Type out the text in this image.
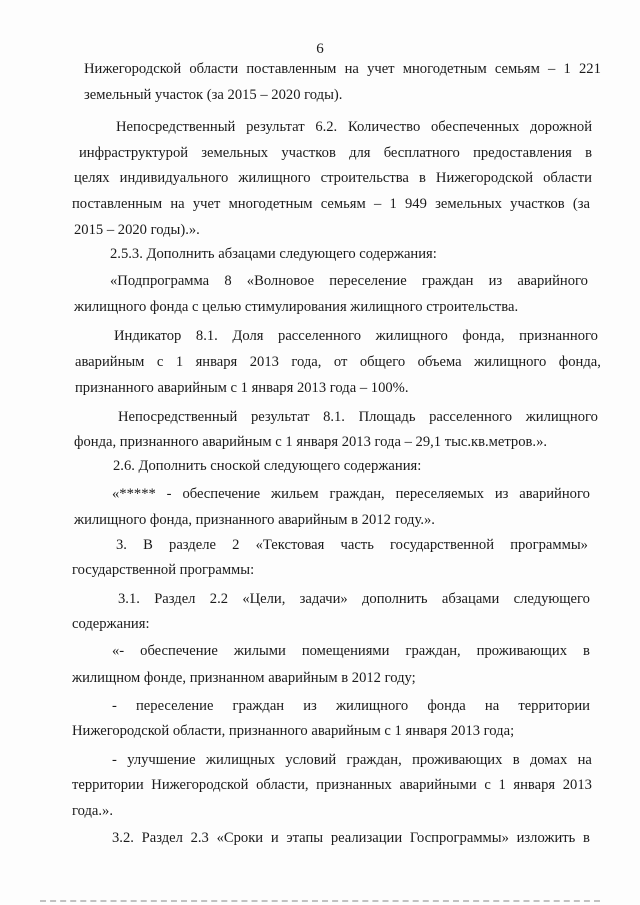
6
Нижегородской области поставленным на учет многодетным семьям – 1 221
земельный участок (за 2015 – 2020 годы).
Непосредственный результат 6.2. Количество обеспеченных дорожной
инфраструктурой земельных участков для бесплатного предоставления в
целях индивидуального жилищного строительства в Нижегородской области
поставленным на учет многодетным семьям – 1 949 земельных участков (за
2015 – 2020 годы).».
2.5.3. Дополнить абзацами следующего содержания:
«Подпрограмма 8 «Волновое переселение граждан из аварийного
жилищного фонда с целью стимулирования жилищного строительства.
Индикатор 8.1. Доля расселенного жилищного фонда, признанного
аварийным с 1 января 2013 года, от общего объема жилищного фонда,
признанного аварийным с 1 января 2013 года – 100%.
Непосредственный результат 8.1. Площадь расселенного жилищного
фонда, признанного аварийным с 1 января 2013 года – 29,1 тыс.кв.метров.».
2.6. Дополнить сноской следующего содержания:
«***** - обеспечение жильем граждан, переселяемых из аварийного
жилищного фонда, признанного аварийным в 2012 году.».
3. В разделе 2 «Текстовая часть государственной программы»
государственной программы:
3.1. Раздел 2.2 «Цели, задачи» дополнить абзацами следующего
содержания:
«- обеспечение жилыми помещениями граждан, проживающих в
жилищном фонде, признанном аварийным в 2012 году;
- переселение граждан из жилищного фонда на территории
Нижегородской области, признанного аварийным с 1 января 2013 года;
- улучшение жилищных условий граждан, проживающих в домах на
территории Нижегородской области, признанных аварийными с 1 января 2013
года.».
3.2. Раздел 2.3 «Сроки и этапы реализации Госпрограммы» изложить в
